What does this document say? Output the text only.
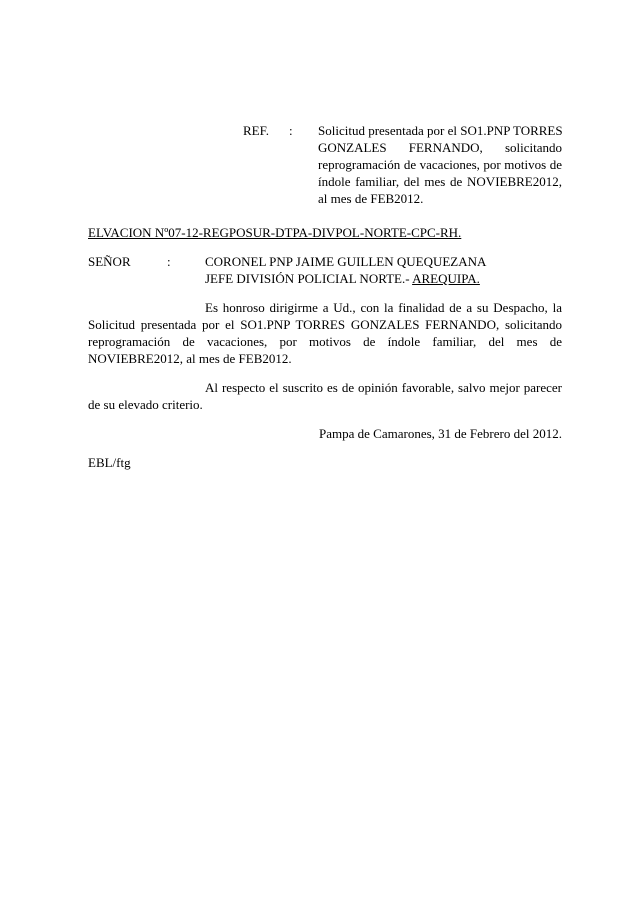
REF. : Solicitud presentada por el SO1.PNP TORRES
GONZALES FERNANDO, solicitando
reprogramación de vacaciones, por motivos de
índole familiar, del mes de NOVIEBRE2012,
al mes de FEB2012.
ELVACION Nº07-12-REGPOSUR-DTPA-DIVPOL-NORTE-CPC-RH.
SEÑOR	:	CORONEL PNP JAIME GUILLEN QUEQUEZANA
JEFE DIVISIÓN POLICIAL NORTE.- AREQUIPA.
Es honroso dirigirme a Ud., con la finalidad de a su Despacho, la
Solicitud presentada por el SO1.PNP TORRES GONZALES FERNANDO, solicitando
reprogramación de vacaciones, por motivos de índole familiar, del mes de
NOVIEBRE2012, al mes de FEB2012.
Al respecto el suscrito es de opinión favorable, salvo mejor parecer
de su elevado criterio.
Pampa de Camarones, 31 de Febrero del 2012.
EBL/ftg
